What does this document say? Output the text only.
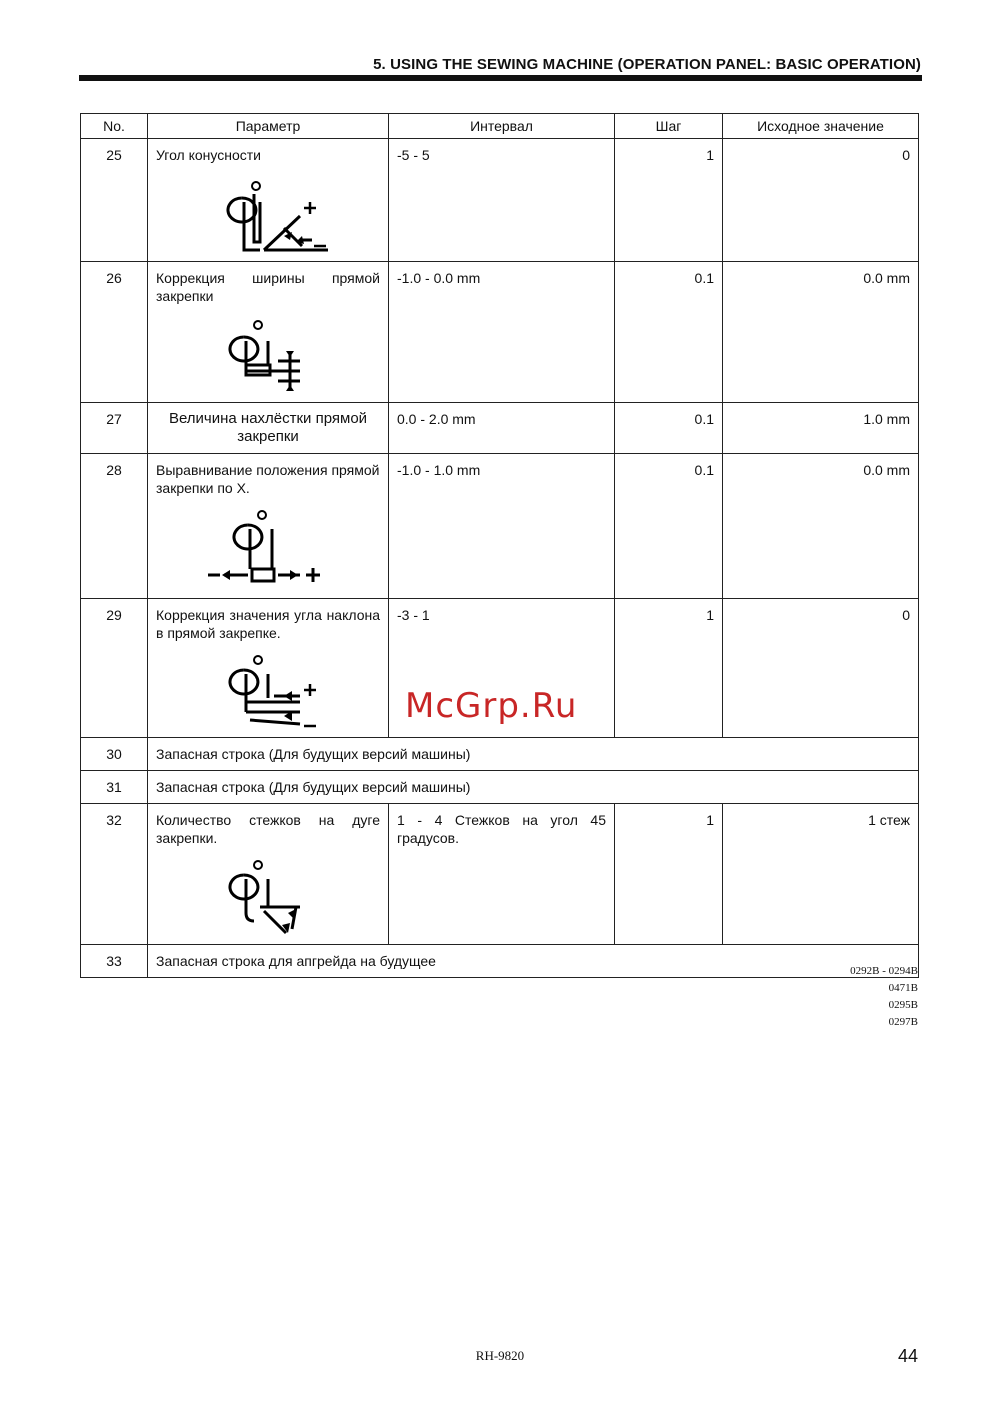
5. USING THE SEWING MACHINE (OPERATION PANEL: BASIC OPERATION)
No.	Параметр	Интервал	Шаг	Исходное значение
25	Угол конусности	-5 - 5	1	0
26	Коррекция ширины прямой закрепки	-1.0 - 0.0 mm	0.1	0.0 mm
27	Величина нахлёстки прямой закрепки	0.0 - 2.0 mm	0.1	1.0 mm
28	Выравнивание положения прямой закрепки по X.	-1.0 - 1.0 mm	0.1	0.0 mm
29	Коррекция значения угла наклона в прямой закрепке.	-3 - 1	1	0
30	Запасная строка (Для будущих версий машины)			
31	Запасная строка (Для будущих версий машины)			
32	Количество стежков на дуге закрепки.	1 - 4 Стежков на угол 45 градусов.	1	1 стеж
33	Запасная строка для апгрейда на будущее			
0292B - 0294B
0471B
0295B
0297B
McGrp.Ru
RH-9820	44
